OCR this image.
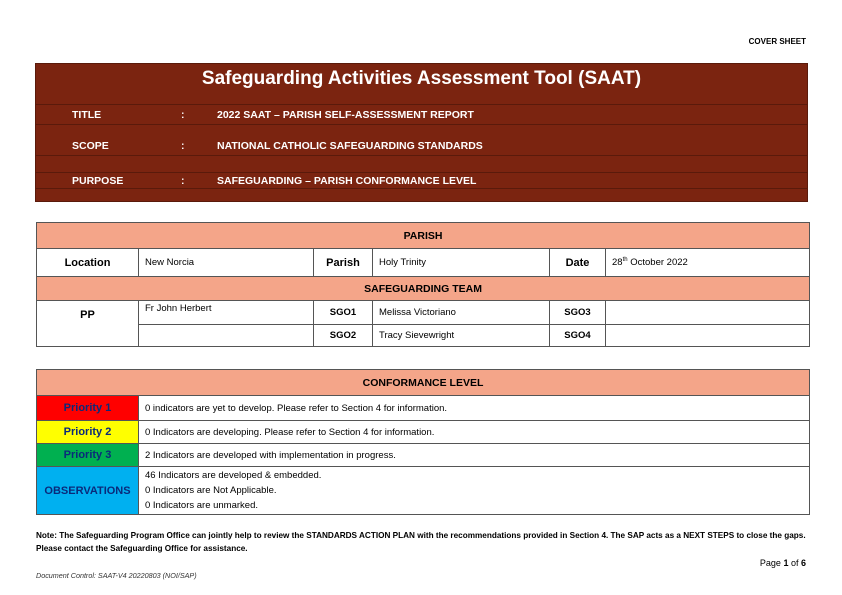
COVER SHEET
Safeguarding Activities Assessment Tool (SAAT)
TITLE	:	2022 SAAT – PARISH SELF-ASSESSMENT REPORT
SCOPE	:	NATIONAL CATHOLIC SAFEGUARDING STANDARDS
PURPOSE	:	SAFEGUARDING – PARISH CONFORMANCE LEVEL
PARISH					
Location	New Norcia	Parish	Holy Trinity	Date	28th October 2022
SAFEGUARDING TEAM					
PP	Fr John Herbert	SGO1	Melissa Victoriano	SGO3	
		SGO2	Tracy Sievewright	SGO4	
CONFORMANCE LEVEL	
Priority 1	0 indicators are yet to develop. Please refer to Section 4 for information.
Priority 2	0 Indicators are developing. Please refer to Section 4 for information.
Priority 3	2 Indicators are developed with implementation in progress.
OBSERVATIONS	46 Indicators are developed & embedded.
0 Indicators are Not Applicable.
0 Indicators are unmarked.
Note: The Safeguarding Program Office can jointly help to review the STANDARDS ACTION PLAN with the recommendations provided in Section 4. The SAP acts as a NEXT STEPS to close the gaps. Please contact the Safeguarding Office for assistance.
Page 1 of 6
Document Control: SAAT-V4 20220803 (NOI/SAP)
